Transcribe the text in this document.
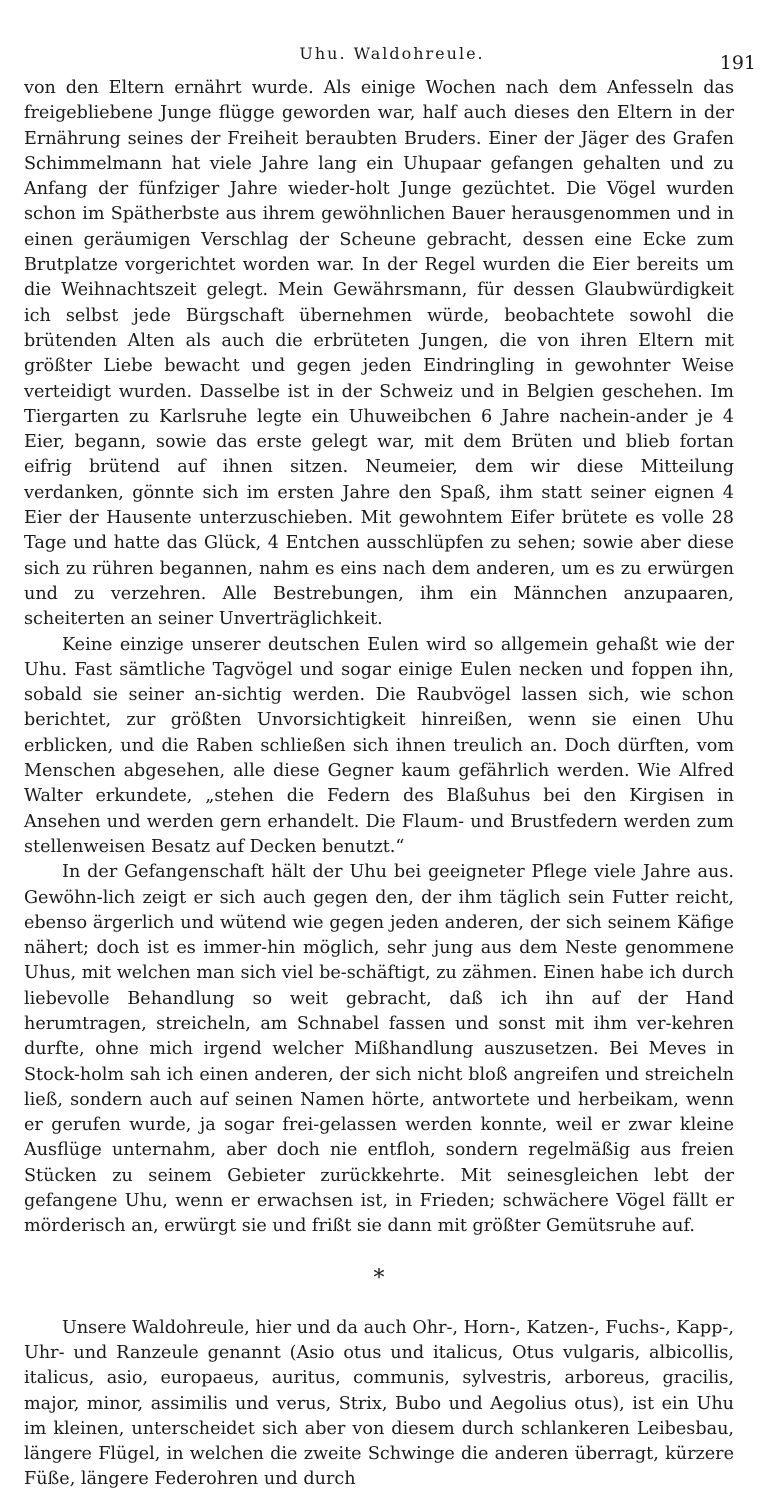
Uhu. Waldohreule.	191

von den Eltern ernährt wurde. Als einige Wochen nach dem Anfesseln das freigebliebene Junge flügge geworden war, half auch dieses den Eltern in der Ernährung seines der Freiheit beraubten Bruders. Einer der Jäger des Grafen Schimmelmann hat viele Jahre lang ein Uhupaar gefangen gehalten und zu Anfang der fünfziger Jahre wieder-holt Junge gezüchtet. Die Vögel wurden schon im Spätherbste aus ihrem gewöhnlichen Bauer herausgenommen und in einen geräumigen Verschlag der Scheune gebracht, dessen eine Ecke zum Brutplatze vorgerichtet worden war. In der Regel wurden die Eier bereits um die Weihnachtszeit gelegt. Mein Gewährsmann, für dessen Glaubwürdigkeit ich selbst jede Bürgschaft übernehmen würde, beobachtete sowohl die brütenden Alten als auch die erbrüteten Jungen, die von ihren Eltern mit größter Liebe bewacht und gegen jeden Eindringling in gewohnter Weise verteidigt wurden. Dasselbe ist in der Schweiz und in Belgien geschehen. Im Tiergarten zu Karlsruhe legte ein Uhuweibchen 6 Jahre nachein-ander je 4 Eier, begann, sowie das erste gelegt war, mit dem Brüten und blieb fortan eifrig brütend auf ihnen sitzen. Neumeier, dem wir diese Mitteilung verdanken, gönnte sich im ersten Jahre den Spaß, ihm statt seiner eignen 4 Eier der Hausente unterzuschieben. Mit gewohntem Eifer brütete es volle 28 Tage und hatte das Glück, 4 Entchen ausschlüpfen zu sehen; sowie aber diese sich zu rühren begannen, nahm es eins nach dem anderen, um es zu erwürgen und zu verzehren. Alle Bestrebungen, ihm ein Männchen anzupaaren, scheiterten an seiner Unverträglichkeit.

Keine einzige unserer deutschen Eulen wird so allgemein gehaßt wie der Uhu. Fast sämtliche Tagvögel und sogar einige Eulen necken und foppen ihn, sobald sie seiner an-sichtig werden. Die Raubvögel lassen sich, wie schon berichtet, zur größten Unvorsichtigkeit hinreißen, wenn sie einen Uhu erblicken, und die Raben schließen sich ihnen treulich an. Doch dürften, vom Menschen abgesehen, alle diese Gegner kaum gefährlich werden. Wie Alfred Walter erkundete, „stehen die Federn des Blaßuhus bei den Kirgisen in Ansehen und werden gern erhandelt. Die Flaum- und Brustfedern werden zum stellenweisen Besatz auf Decken benutzt.“

In der Gefangenschaft hält der Uhu bei geeigneter Pflege viele Jahre aus. Gewöhn-lich zeigt er sich auch gegen den, der ihm täglich sein Futter reicht, ebenso ärgerlich und wütend wie gegen jeden anderen, der sich seinem Käfige nähert; doch ist es immer-hin möglich, sehr jung aus dem Neste genommene Uhus, mit welchen man sich viel be-schäftigt, zu zähmen. Einen habe ich durch liebevolle Behandlung so weit gebracht, daß ich ihn auf der Hand herumtragen, streicheln, am Schnabel fassen und sonst mit ihm ver-kehren durfte, ohne mich irgend welcher Mißhandlung auszusetzen. Bei Meves in Stock-holm sah ich einen anderen, der sich nicht bloß angreifen und streicheln ließ, sondern auch auf seinen Namen hörte, antwortete und herbeikam, wenn er gerufen wurde, ja sogar frei-gelassen werden konnte, weil er zwar kleine Ausflüge unternahm, aber doch nie entfloh, sondern regelmäßig aus freien Stücken zu seinem Gebieter zurückkehrte. Mit seinesgleichen lebt der gefangene Uhu, wenn er erwachsen ist, in Frieden; schwächere Vögel fällt er mörderisch an, erwürgt sie und frißt sie dann mit größter Gemütsruhe auf.

*

Unsere Waldohreule, hier und da auch Ohr-, Horn-, Katzen-, Fuchs-, Kapp-, Uhr- und Ranzeule genannt (Asio otus und italicus, Otus vulgaris, albicollis, italicus, asio, europaeus, auritus, communis, sylvestris, arboreus, gracilis, major, minor, assimilis und verus, Strix, Bubo und Aegolius otus), ist ein Uhu im kleinen, unterscheidet sich aber von diesem durch schlankeren Leibesbau, längere Flügel, in welchen die zweite Schwinge die anderen überragt, kürzere Füße, längere Federohren und durch
